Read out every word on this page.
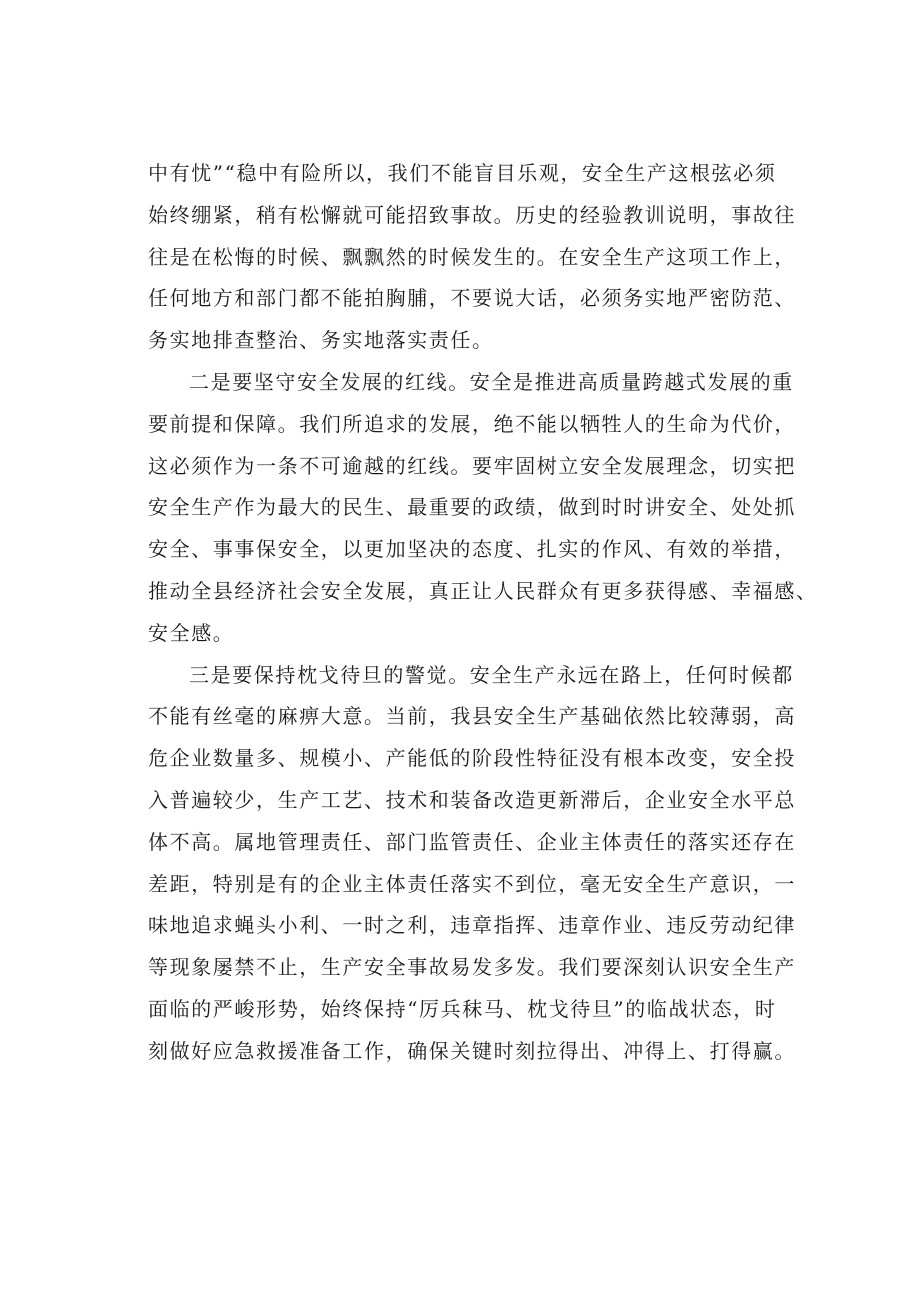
中有忧”“稳中有险所以，我们不能盲目乐观，安全生产这根弦必须
始终绷紧，稍有松懈就可能招致事故。历史的经验教训说明，事故往
往是在松悔的时候、飘飘然的时候发生的。在安全生产这项工作上，
任何地方和部门都不能拍胸脯，不要说大话，必须务实地严密防范、
务实地排查整治、务实地落实责任。
二是要坚守安全发展的红线。安全是推进高质量跨越式发展的重
要前提和保障。我们所追求的发展，绝不能以牺牲人的生命为代价，
这必须作为一条不可逾越的红线。要牢固树立安全发展理念，切实把
安全生产作为最大的民生、最重要的政绩，做到时时讲安全、处处抓
安全、事事保安全，以更加坚决的态度、扎实的作风、有效的举措，
推动全县经济社会安全发展，真正让人民群众有更多获得感、幸福感、
安全感。
三是要保持枕戈待旦的警觉。安全生产永远在路上，任何时候都
不能有丝毫的麻痹大意。当前，我县安全生产基础依然比较薄弱，高
危企业数量多、规模小、产能低的阶段性特征没有根本改变，安全投
入普遍较少，生产工艺、技术和装备改造更新滞后，企业安全水平总
体不高。属地管理责任、部门监管责任、企业主体责任的落实还存在
差距，特别是有的企业主体责任落实不到位，毫无安全生产意识，一
味地追求蝇头小利、一时之利，违章指挥、违章作业、违反劳动纪律
等现象屡禁不止，生产安全事故易发多发。我们要深刻认识安全生产
面临的严峻形势，始终保持“厉兵秣马、枕戈待旦”的临战状态，时
刻做好应急救援准备工作，确保关键时刻拉得出、冲得上、打得赢。
